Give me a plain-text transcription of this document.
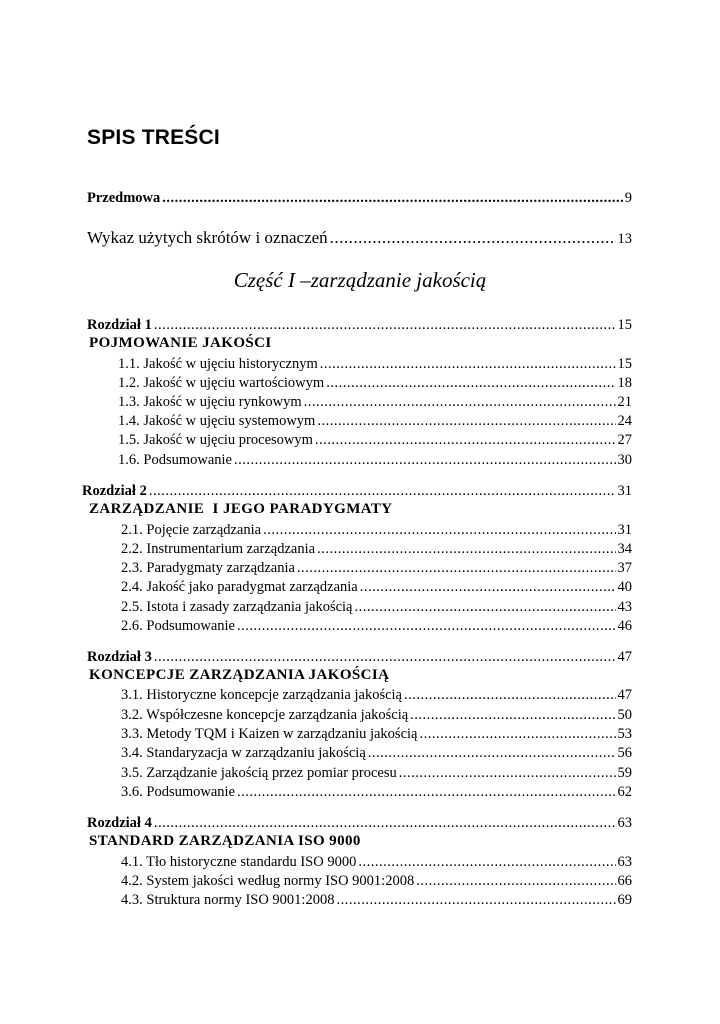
SPIS TREŚCI
Przedmowa .....	9
Wykaz użytych skrótów i oznaczeń .....	13
Część I –zarządzanie jakością
Rozdział 1 .....	15
POJMOWANIE JAKOŚCI
1.1. Jakość w ujęciu historycznym .....	15
1.2. Jakość w ujęciu wartościowym .....	18
1.3. Jakość w ujęciu rynkowym .....	21
1.4. Jakość w ujęciu systemowym .....	24
1.5. Jakość w ujęciu procesowym .....	27
1.6. Podsumowanie .....	30
Rozdział 2 .....	31
ZARZĄDZANIE  I JEGO PARADYGMATY
2.1. Pojęcie zarządzania .....	31
2.2. Instrumentarium zarządzania .....	34
2.3. Paradygmaty zarządzania .....	37
2.4. Jakość jako paradygmat zarządzania .....	40
2.5. Istota i zasady zarządzania jakością .....	43
2.6. Podsumowanie .....	46
Rozdział 3 .....	47
KONCEPCJE ZARZĄDZANIA JAKOŚCIĄ
3.1. Historyczne koncepcje zarządzania jakością .....	47
3.2. Współczesne koncepcje zarządzania jakością .....	50
3.3. Metody TQM i Kaizen w zarządzaniu jakością .....	53
3.4. Standaryzacja w zarządzaniu jakością .....	56
3.5. Zarządzanie jakością przez pomiar procesu .....	59
3.6. Podsumowanie .....	62
Rozdział 4 .....	63
STANDARD ZARZĄDZANIA ISO 9000
4.1. Tło historyczne standardu ISO 9000 .....	63
4.2. System jakości według normy ISO 9001:2008 .....	66
4.3. Struktura normy ISO 9001:2008 .....	69
